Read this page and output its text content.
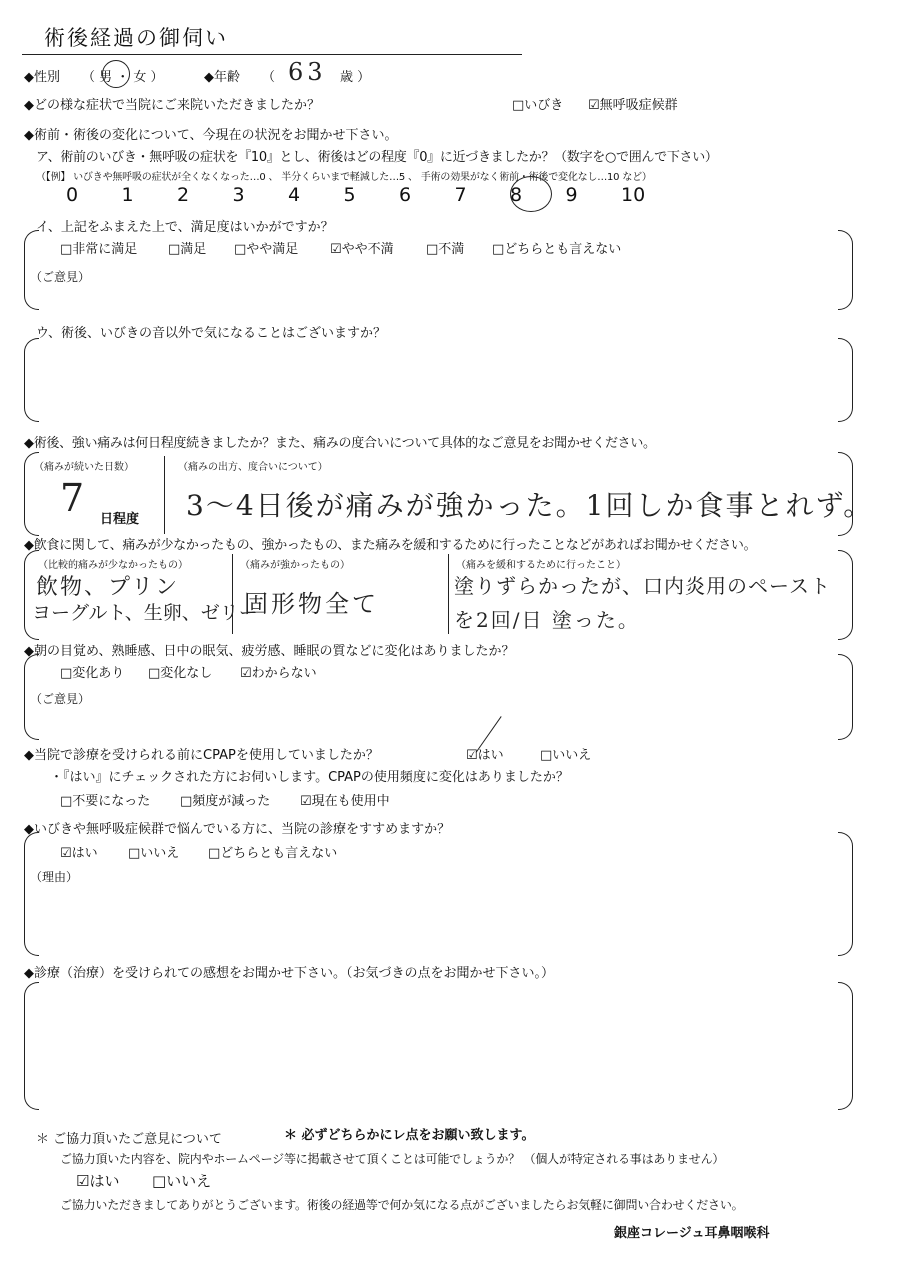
術後経過の御伺い
◆性別 （ 男 ・ 女 ）	◆年齢 （ 63 歳 ）
◆どの様な症状で当院にご来院いただきましたか？	□いびき ☑無呼吸症候群
◆術前・術後の変化について、今現在の状況をお聞かせ下さい。
ア、術前のいびき・無呼吸の症状を『10』とし、術後はどの程度『0』に近づきましたか？（数字を○で囲んで下さい）
（【例】 いびきや無呼吸の症状が全くなくなった…0 、 半分くらいまで軽減した…5 、 手術の効果がなく術前・術後で変化なし…10 など）
0 1 2 3 4 5 6 7 8 9 10
イ、上記をふまえた上で、満足度はいかがですか？
□非常に満足 □満足 □やや満足 ☑やや不満 □不満 □どちらとも言えない
（ご意見）
ウ、術後、いびきの音以外で気になることはございますか？
◆術後、強い痛みは何日程度続きましたか？また、痛みの度合いについて具体的なご意見をお聞かせください。
（痛みが続いた日数）
7 日程度
（痛みの出方、度合いについて）
3～4日後が痛みが強かった。1回しか食事とれず。
◆飲食に関して、痛みが少なかったもの、強かったもの、また痛みを緩和するために行ったことなどがあればお聞かせください。
（比較的痛みが少なかったもの）
飲物、プリン
ヨーグルト、生卵、ゼリー
（痛みが強かったもの）
固形物全て
（痛みを緩和するために行ったこと）
塗りずらかったが、口内炎用のペースト
を2回/日 塗った。
◆朝の目覚め、熟睡感、日中の眠気、疲労感、睡眠の質などに変化はありましたか？
□変化あり □変化なし ☑わからない
（ご意見）
◆当院で診療を受けられる前にCPAPを使用していましたか？	☑はい	□いいえ
・『はい』にチェックされた方にお伺いします。CPAPの使用頻度に変化はありましたか？
□不要になった □頻度が減った ☑現在も使用中
◆いびきや無呼吸症候群で悩んでいる方に、当院の診療をすすめますか？
☑はい □いいえ □どちらとも言えない
（理由）
◆診療（治療）を受けられての感想をお聞かせ下さい。（お気づきの点をお聞かせ下さい。）
＊ ご協力頂いたご意見について	＊ 必ずどちらかにレ点をお願い致します。
ご協力頂いた内容を、院内やホームページ等に掲載させて頂くことは可能でしょうか？ （個人が特定される事はありません）
☑はい □いいえ
ご協力いただきましてありがとうございます。術後の経過等で何か気になる点がございましたらお気軽に御問い合わせください。
銀座コレージュ耳鼻咽喉科
